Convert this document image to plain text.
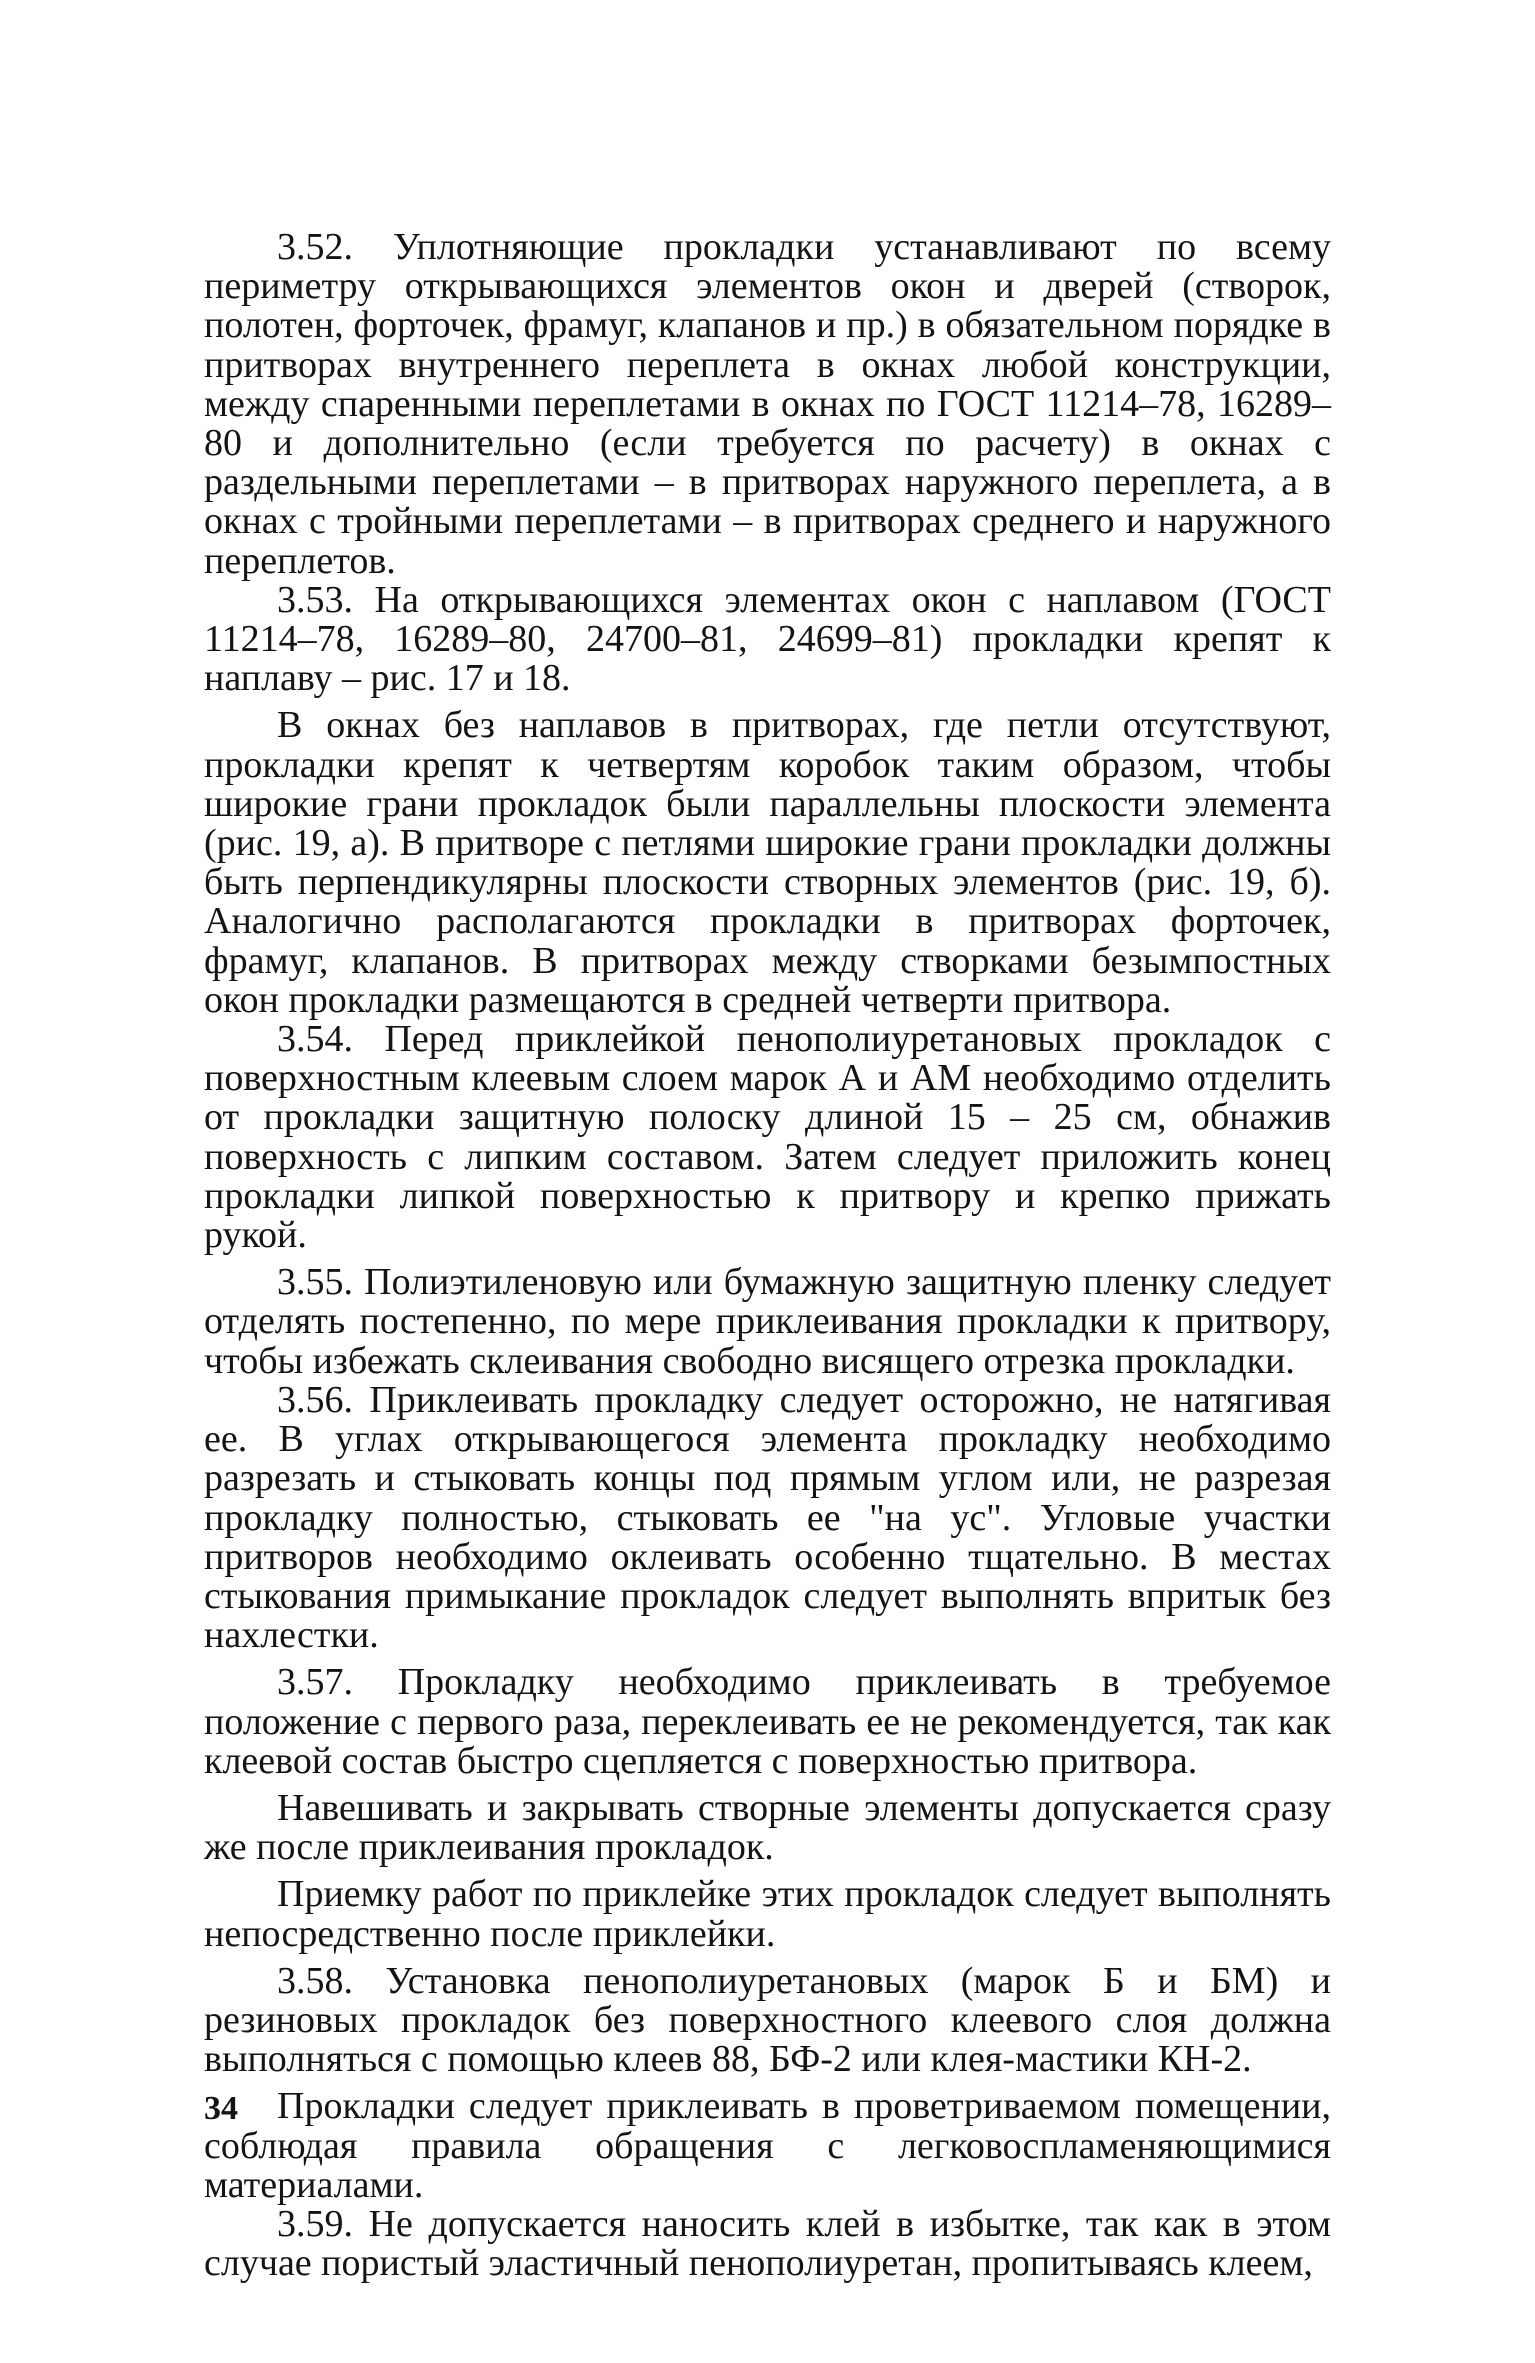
3.52. Уплотняющие прокладки устанавливают по всему периметру открывающихся элементов окон и дверей (створок, полотен, форточек, фрамуг, клапанов и пр.) в обязательном порядке в притворах внутреннего переплета в окнах любой конструкции, между спаренными переплетами в окнах по ГОСТ 11214–78, 16289–80 и дополнительно (если требуется по расчету) в окнах с раздельными переплетами – в притворах наружного переплета, а в окнах с тройными переплетами – в притворах среднего и наружного переплетов.

3.53. На открывающихся элементах окон с наплавом (ГОСТ 11214–78, 16289–80, 24700–81, 24699–81) прокладки крепят к наплаву – рис. 17 и 18.

В окнах без наплавов в притворах, где петли отсутствуют, прокладки крепят к четвертям коробок таким образом, чтобы широкие грани прокладок были параллельны плоскости элемента (рис. 19, а). В притворе с петлями широкие грани прокладки должны быть перпендикулярны плоскости створных элементов (рис. 19, б). Аналогично располагаются прокладки в притворах форточек, фрамуг, клапанов. В притворах между створками безымпостных окон прокладки размещаются в средней четверти притвора.

3.54. Перед приклейкой пенополиуретановых прокладок с поверхностным клеевым слоем марок А и АМ необходимо отделить от прокладки защитную полоску длиной 15 – 25 см, обнажив поверхность с липким составом. Затем следует приложить конец прокладки липкой поверхностью к притвору и крепко прижать рукой.

3.55. Полиэтиленовую или бумажную защитную пленку следует отделять постепенно, по мере приклеивания прокладки к притвору, чтобы избежать склеивания свободно висящего отрезка прокладки.

3.56. Приклеивать прокладку следует осторожно, не натягивая ее. В углах открывающегося элемента прокладку необходимо разрезать и стыковать концы под прямым углом или, не разрезая прокладку полностью, стыковать ее "на ус". Угловые участки притворов необходимо оклеивать особенно тщательно. В местах стыкования примыкание прокладок следует выполнять впритык без нахлестки.

3.57. Прокладку необходимо приклеивать в требуемое положение с первого раза, переклеивать ее не рекомендуется, так как клеевой состав быстро сцепляется с поверхностью притвора.

Навешивать и закрывать створные элементы допускается сразу же после приклеивания прокладок.

Приемку работ по приклейке этих прокладок следует выполнять непосредственно после приклейки.

3.58. Установка пенополиуретановых (марок Б и БМ) и резиновых прокладок без поверхностного клеевого слоя должна выполняться с помощью клеев 88, БФ-2 или клея-мастики КН-2.

Прокладки следует приклеивать в проветриваемом помещении, соблюдая правила обращения с легковоспламеняющимися материалами.

3.59. Не допускается наносить клей в избытке, так как в этом случае пористый эластичный пенополиуретан, пропитываясь клеем,

34
